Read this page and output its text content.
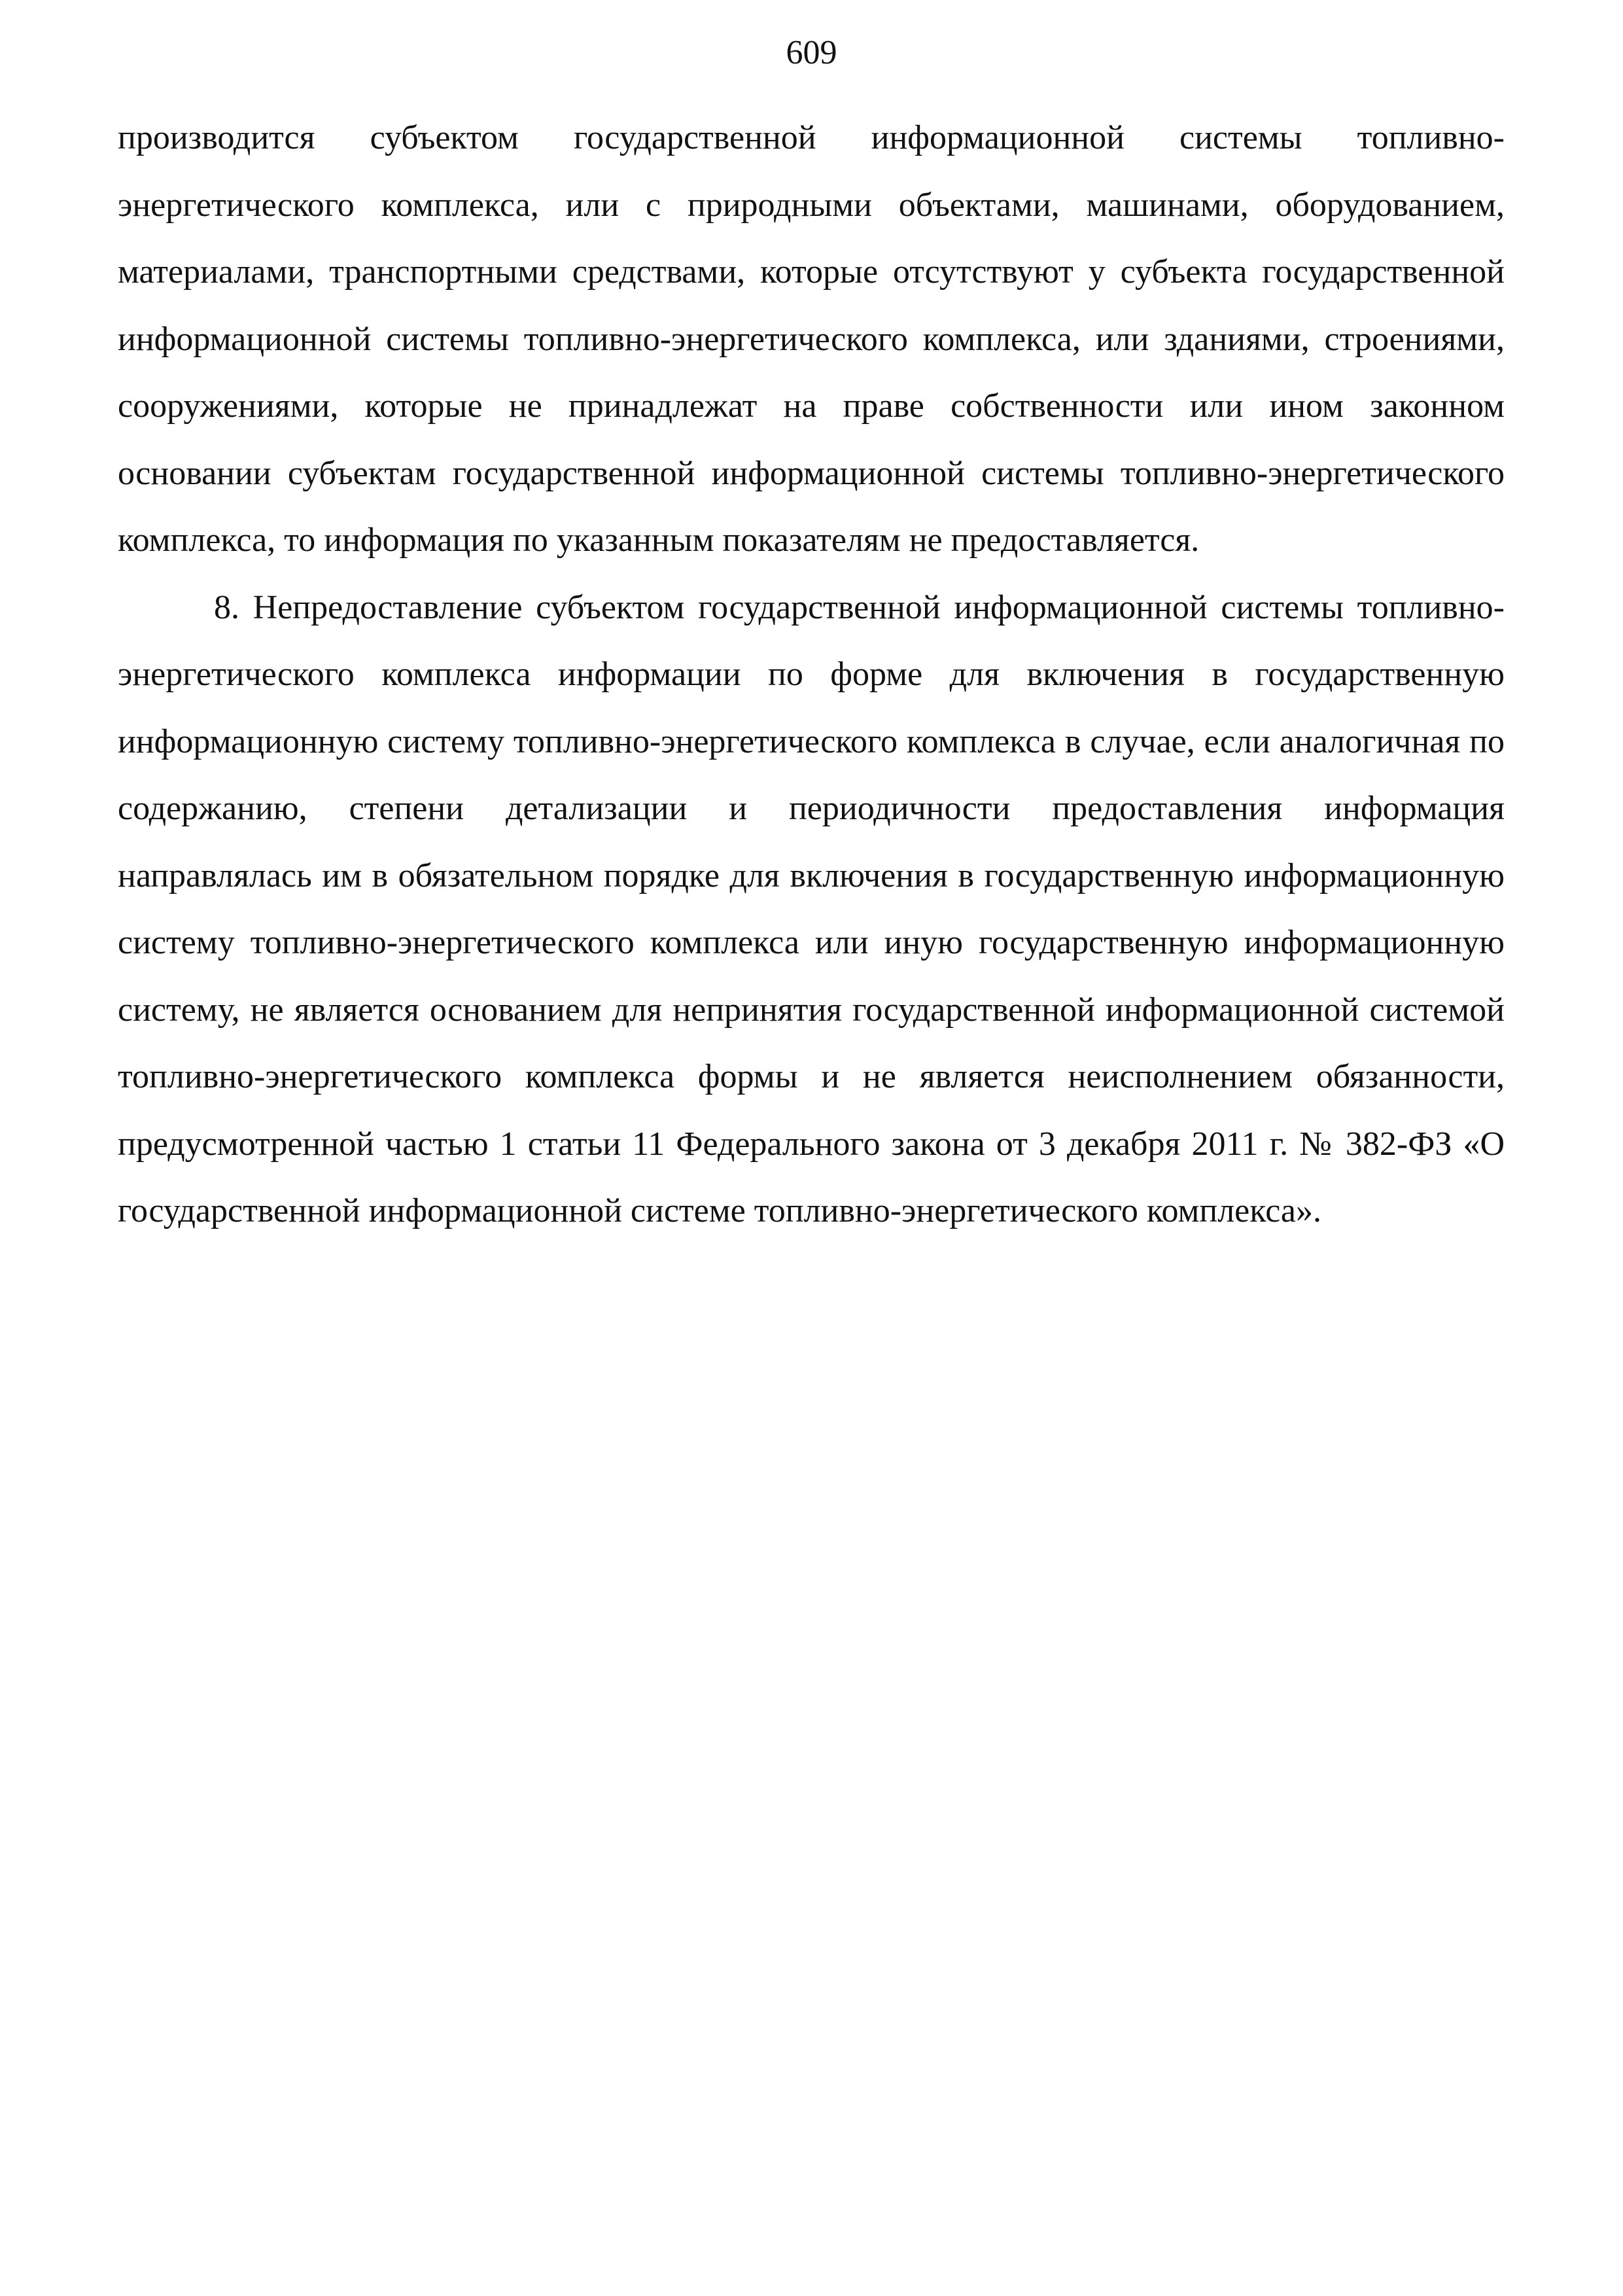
609

производится субъектом государственной информационной системы топливно-энергетического комплекса, или с природными объектами, машинами, оборудованием, материалами, транспортными средствами, которые отсутствуют у субъекта государственной информационной системы топливно-энергетического комплекса, или зданиями, строениями, сооружениями, которые не принадлежат на праве собственности или ином законном основании субъектам государственной информационной системы топливно-энергетического комплекса, то информация по указанным показателям не предоставляется.

8. Непредоставление субъектом государственной информационной системы топливно-энергетического комплекса информации по форме для включения в государственную информационную систему топливно-энергетического комплекса в случае, если аналогичная по содержанию, степени детализации и периодичности предоставления информация направлялась им в обязательном порядке для включения в государственную информационную систему топливно-энергетического комплекса или иную государственную информационную систему, не является основанием для непринятия государственной информационной системой топливно-энергетического комплекса формы и не является неисполнением обязанности, предусмотренной частью 1 статьи 11 Федерального закона от 3 декабря 2011 г. № 382-ФЗ «О государственной информационной системе топливно-энергетического комплекса».
